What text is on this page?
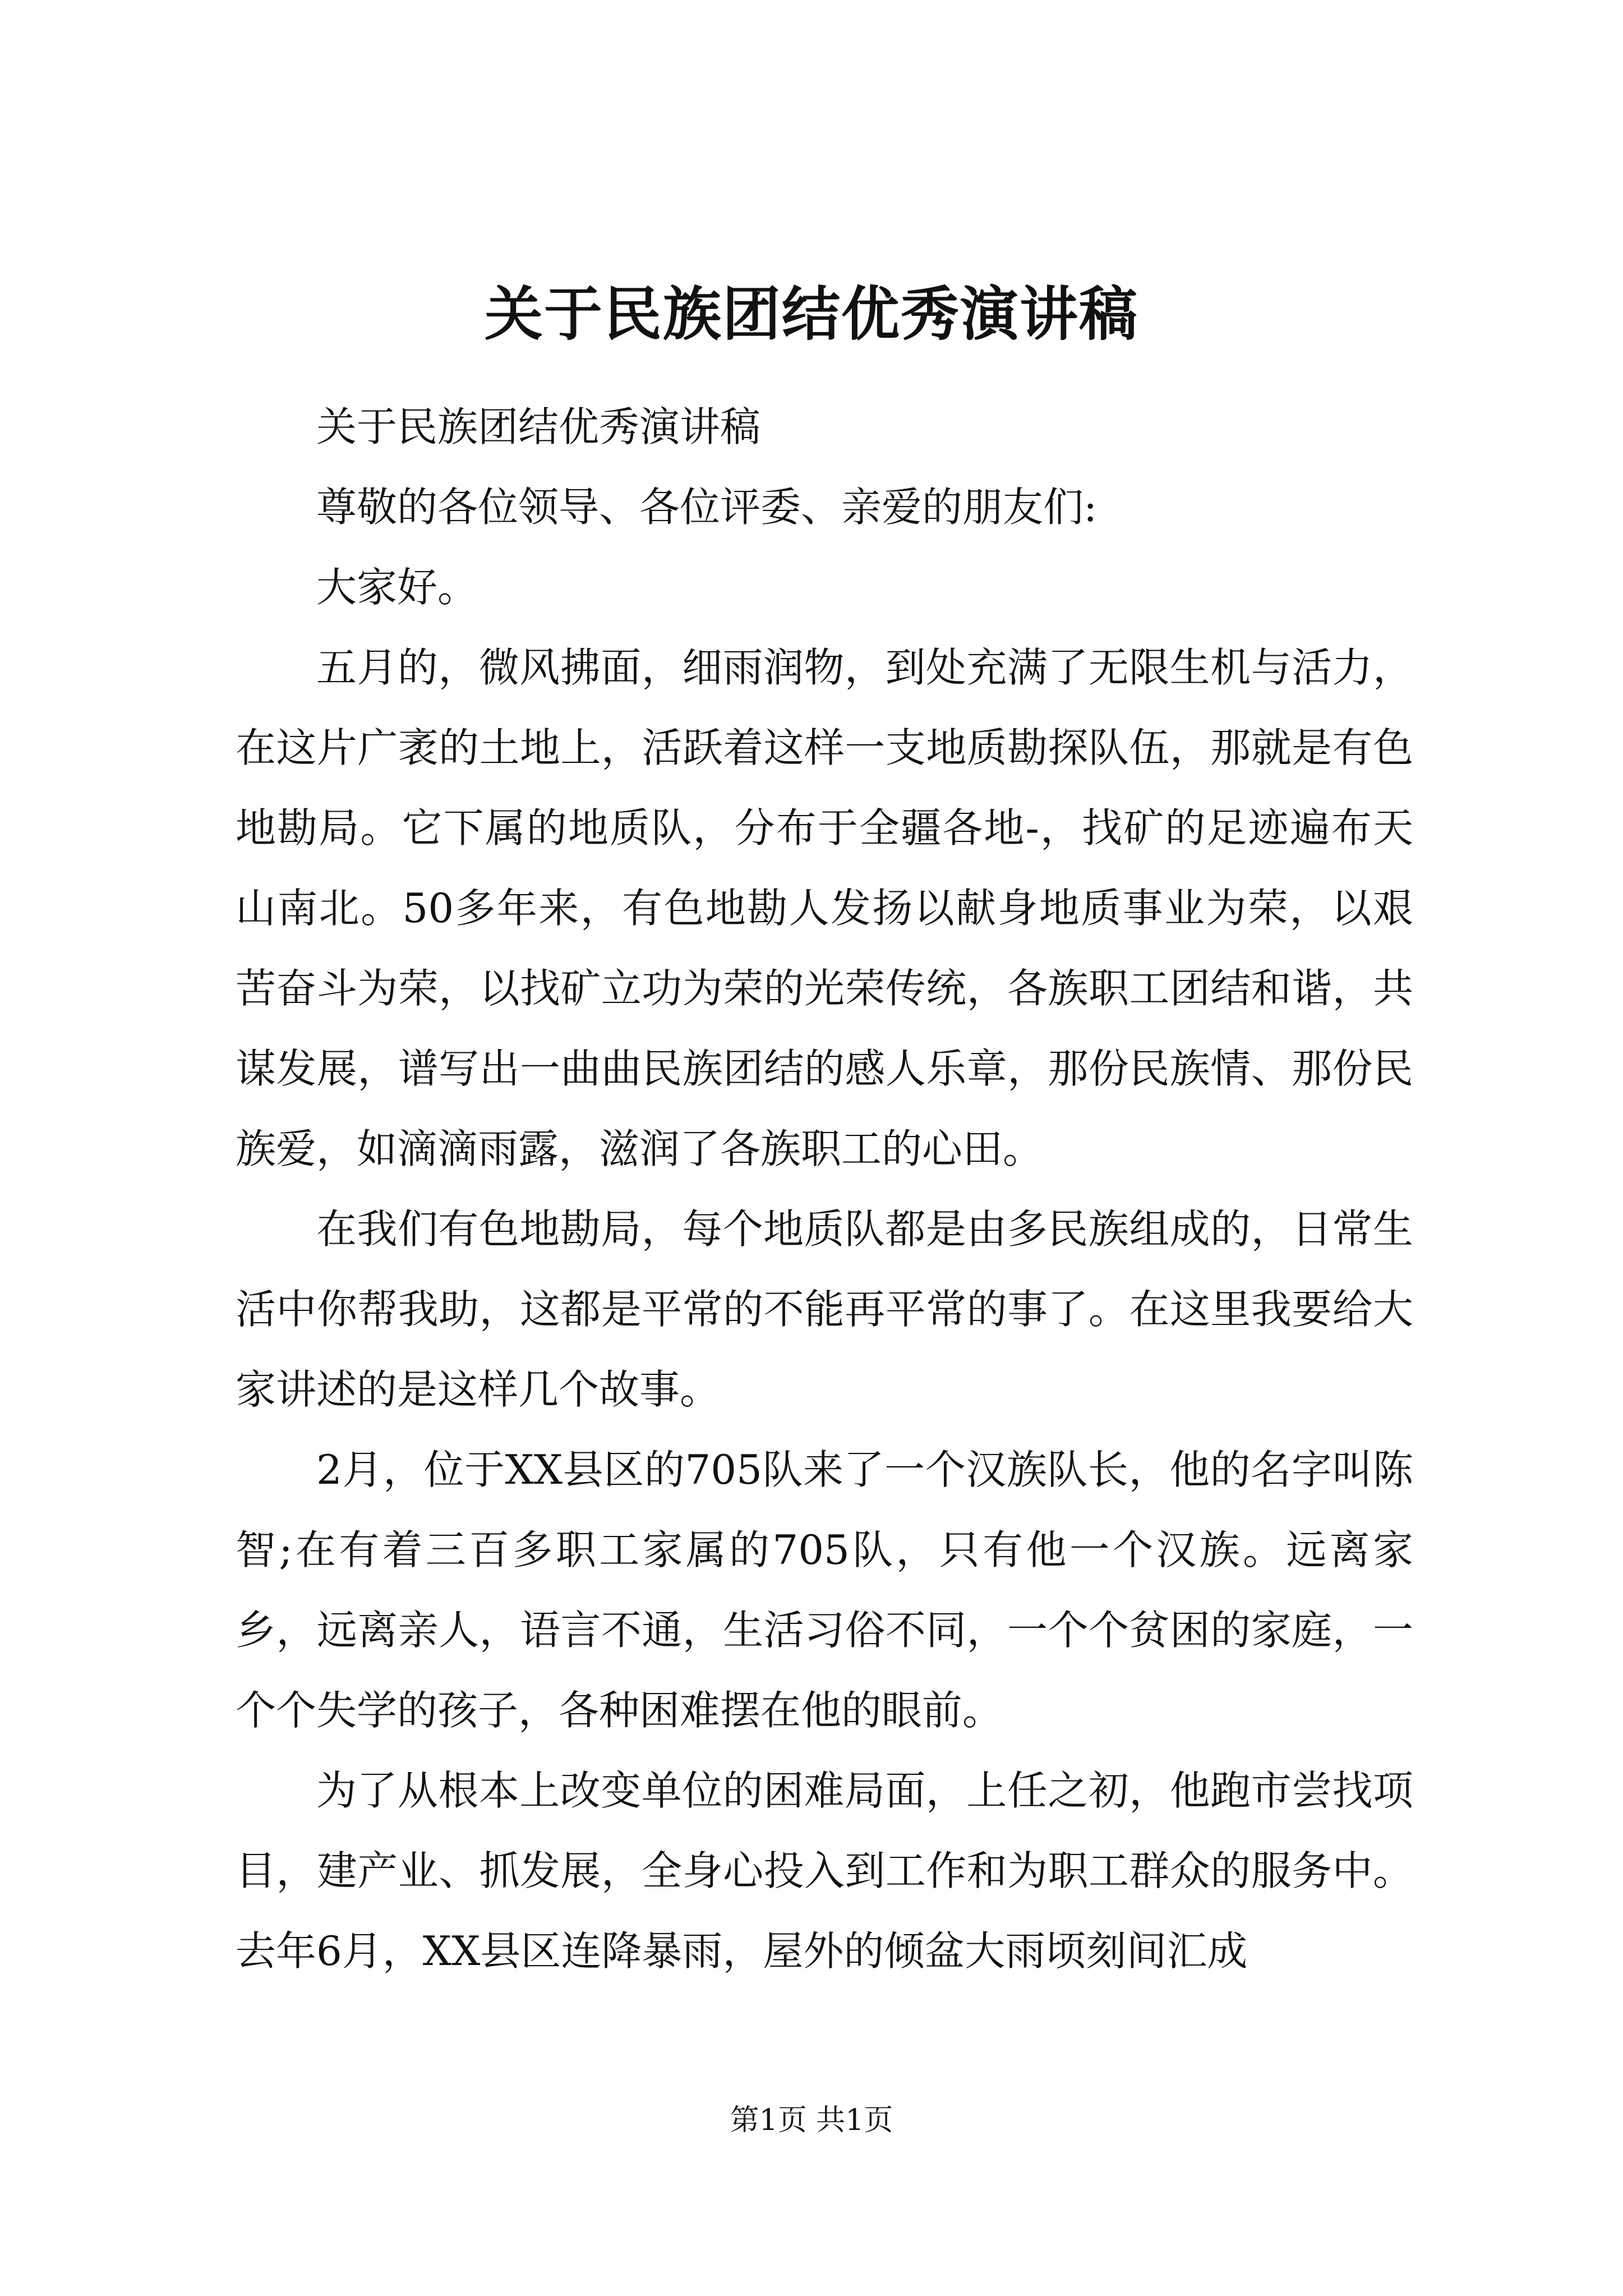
关于民族团结优秀演讲稿

关于民族团结优秀演讲稿

尊敬的各位领导、各位评委、亲爱的朋友们:

大家好。

五月的，微风拂面，细雨润物，到处充满了无限生机与活力，在这片广袤的土地上，活跃着这样一支地质勘探队伍，那就是有色地勘局。它下属的地质队，分布于全疆各地-，找矿的足迹遍布天山南北。50多年来，有色地勘人发扬以献身地质事业为荣，以艰苦奋斗为荣，以找矿立功为荣的光荣传统，各族职工团结和谐，共谋发展，谱写出一曲曲民族团结的感人乐章，那份民族情、那份民族爱，如滴滴雨露，滋润了各族职工的心田。

在我们有色地勘局，每个地质队都是由多民族组成的，日常生活中你帮我助，这都是平常的不能再平常的事了。在这里我要给大家讲述的是这样几个故事。

2月，位于XX县区的705队来了一个汉族队长，他的名字叫陈智;在有着三百多职工家属的705队，只有他一个汉族。远离家乡，远离亲人，语言不通，生活习俗不同，一个个贫困的家庭，一个个失学的孩子，各种困难摆在他的眼前。

为了从根本上改变单位的困难局面，上任之初，他跑市尝找项目，建产业、抓发展，全身心投入到工作和为职工群众的服务中。去年6月，XX县区连降暴雨，屋外的倾盆大雨顷刻间汇成

第1页 共1页
